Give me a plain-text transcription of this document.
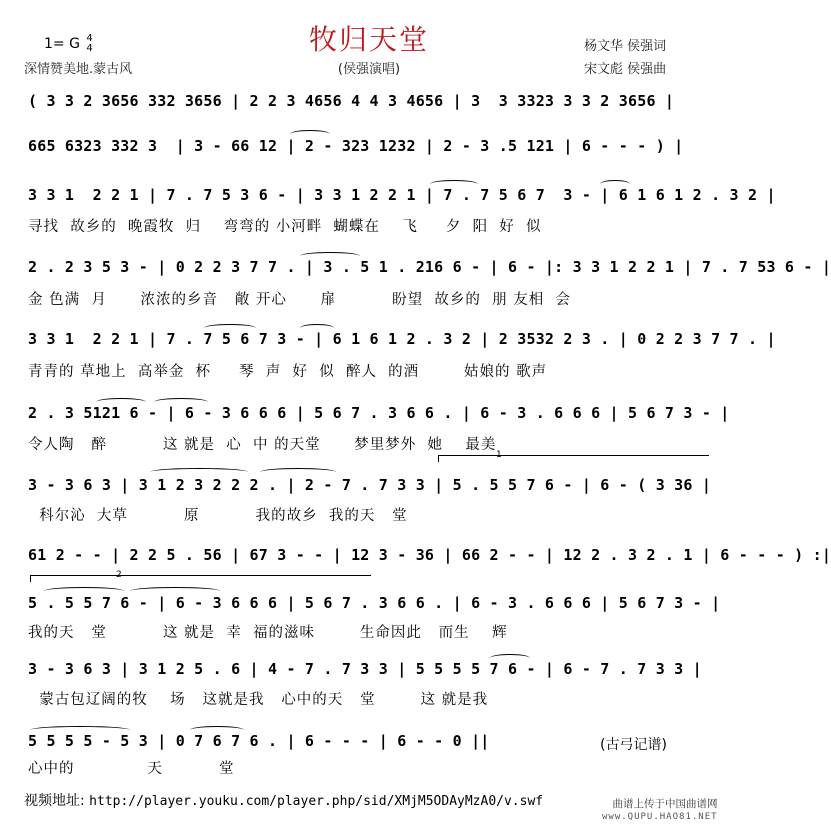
牧归天堂
1= G 4
4
深情赞美地.蒙古风	(侯强演唱)
杨文华 侯强词
宋文彪 侯强曲
( 3 3 2 3656 332 3656 | 2 2 3 4656 4 4 3 4656 | 3  3 3323 3 3 2 3656 |
665 6323 332 3  | 3 - 66 12 | 2 - 323 1232 | 2 - 3 .5 121 | 6 - - - ) |
3 3 1  2 2 1 | 7 . 7 5 3 6 - | 3 3 1 2 2 1 | 7 . 7 5 6 7  3 - | 6 1 6 1 2 . 3 2 |
寻找  故乡的  晚霞牧  归    弯弯的 小河畔  蝴蝶在    飞     夕  阳  好  似
2 . 2 3 5 3 - | 0 2 2 3 7 7 . | 3 . 5 1 . 216 6 - | 6 - |: 3 3 1 2 2 1 | 7 . 7 53 6 - |
金 色满  月      浓浓的乡音   敞 开心      扉          盼望  故乡的  朋 友相  会
3 3 1  2 2 1 | 7 . 7 5 6 7 3 - | 6 1 6 1 2 . 3 2 | 2 3532 2 3 . | 0 2 2 3 7 7 . |
青青的 草地上  高举金  杯     琴  声  好  似  醉人  的酒        姑娘的 歌声
2 . 3 5121 6 - | 6 - 3 6 6 6 | 5 6 7 . 3 6 6 . | 6 - 3 . 6 6 6 | 5 6 7 3 - |
令人陶   醉          这 就是  心  中 的天堂      梦里梦外  她    最美
1
3 - 3 6 3 | 3 1 2 3 2 2 2 . | 2 - 7 . 7 3 3 | 5 . 5 5 7 6 - | 6 - ( 3 36 |
科尔沁  大草          原          我的故乡  我的天   堂
61 2 - - | 2 2 5 . 56 | 67 3 - - | 12 3 - 36 | 66 2 - - | 12 2 . 3 2 . 1 | 6 - - - ) :|
2
5 . 5 5 7 6 - | 6 - 3 6 6 6 | 5 6 7 . 3 6 6 . | 6 - 3 . 6 6 6 | 5 6 7 3 - |
我的天   堂          这 就是  幸  福的滋味        生命因此   而生    辉
3 - 3 6 3 | 3 1 2 5 . 6 | 4 - 7 . 7 3 3 | 5 5 5 5 7 6 - | 6 - 7 . 7 3 3 |
蒙古包辽阔的牧    场   这就是我   心中的天   堂        这 就是我
5 5 5 5 - 5 3 | 0 7 6 7 6 . | 6 - - - | 6 - - 0 ||
心中的             天          堂
(古弓记谱)
视频地址: http://player.youku.com/player.php/sid/XMjM5ODAyMzA0/v.swf	曲谱上传于中国曲谱网
www.QUPU.HAO81.NET
